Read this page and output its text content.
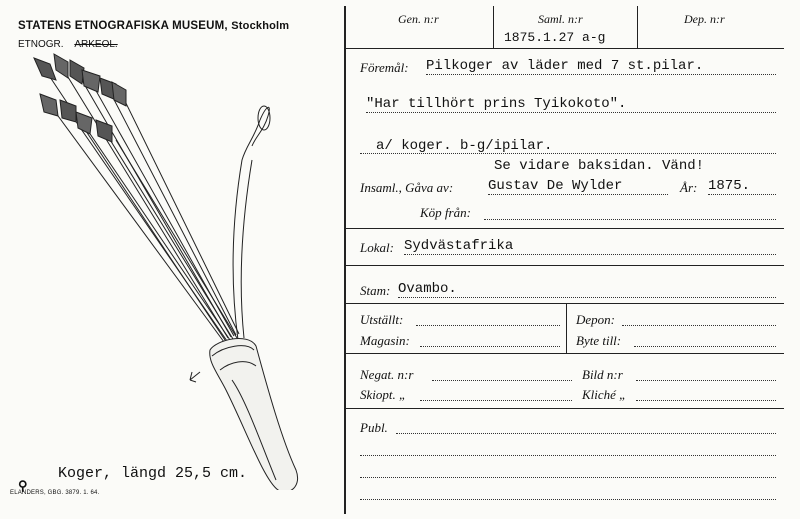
STATENS ETNOGRAFISKA MUSEUM, Stockholm
ETNOGR. ARKEOL.
Koger, längd 25,5 cm.
⚲
ELANDERS, GBG. 3879. 1. 64.
Gen. n:r	Saml. n:r
1875.1.27 a-g
Dep. n:r
Föremål: Pilkoger av läder med 7 st.pilar.
"Har tillhört prins Tyikokoto".
a/ koger. b-g/ipilar.
Se vidare baksidan. Vänd!
Insaml., Gåva av: Gustav De Wylder	År: 1875.
Köp från:
Lokal: Sydvästafrika
Stam: Ovambo.
Utställt:	Depon:
Magasin:	Byte till:
Negat. n:r	Bild n:r
Skiopt. „	Kliché „
Publ.
